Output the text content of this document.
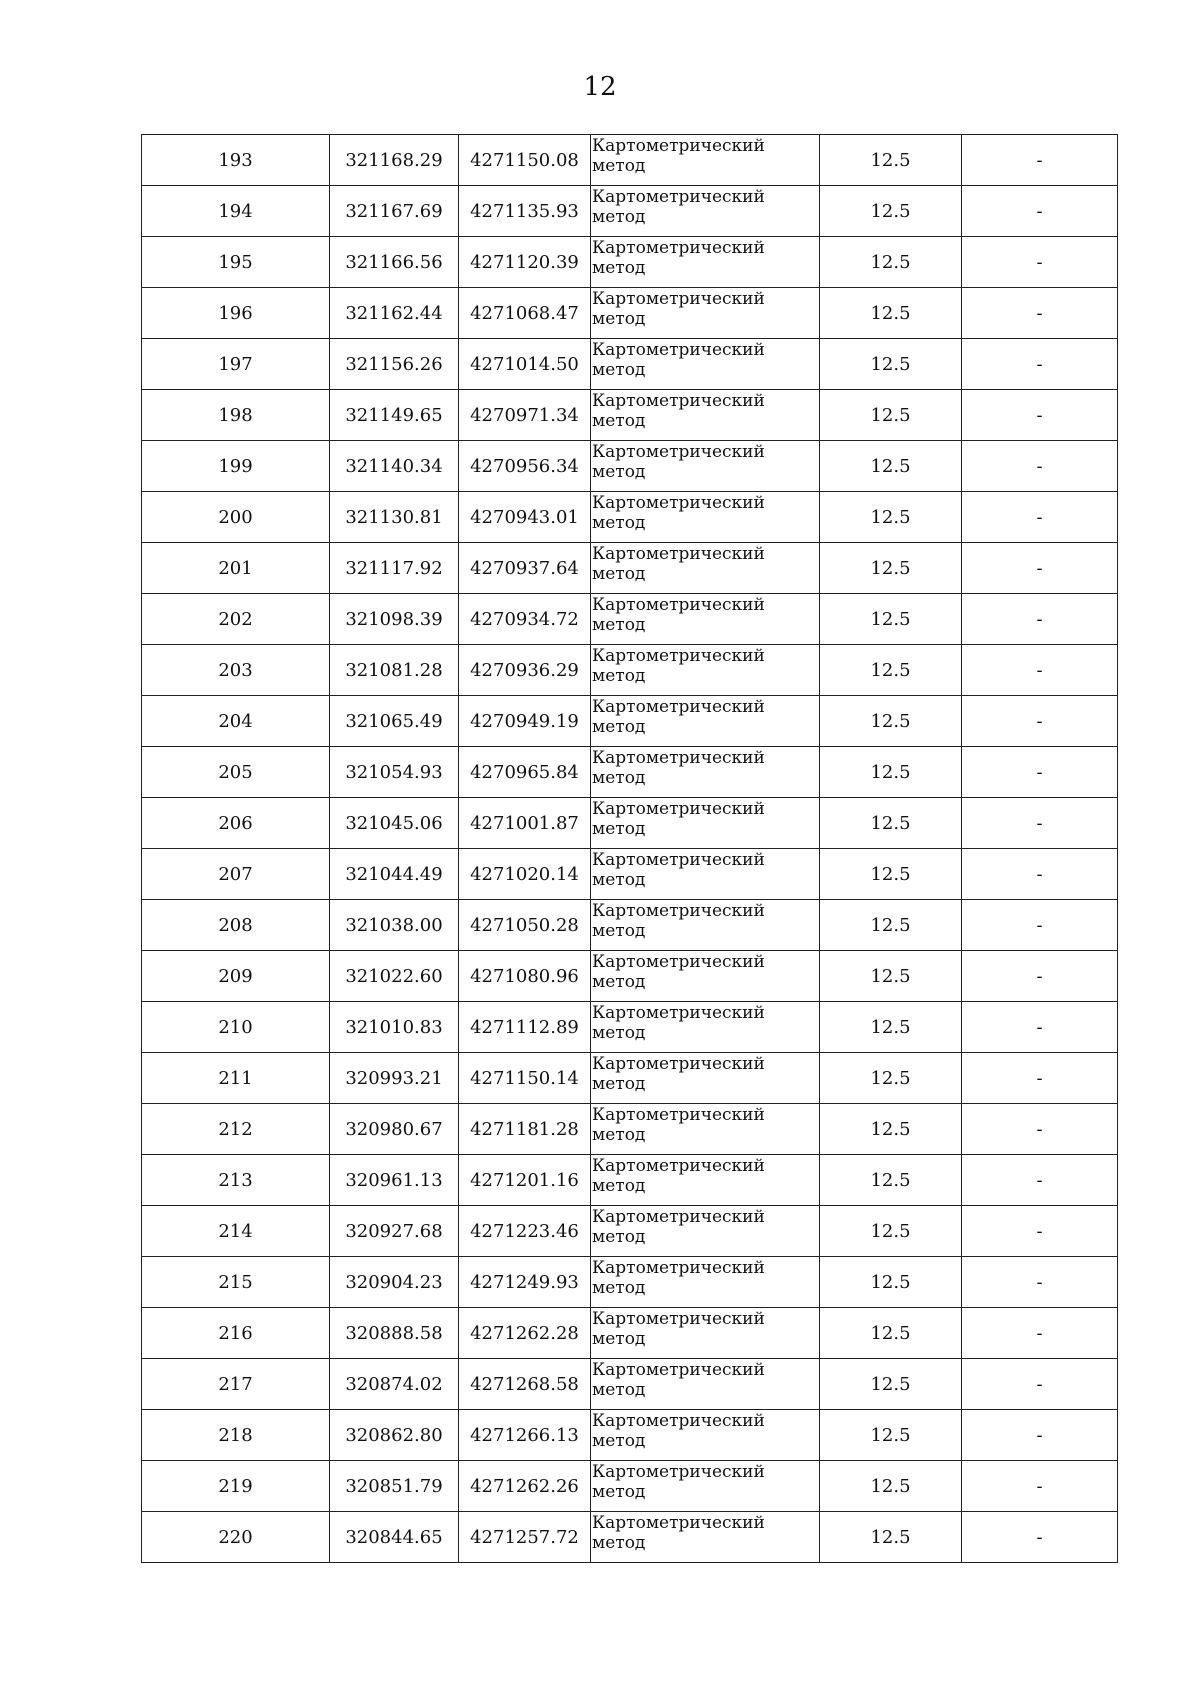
12
193	321168.29	4271150.08	Картометрический метод	12.5	-
194	321167.69	4271135.93	Картометрический метод	12.5	-
195	321166.56	4271120.39	Картометрический метод	12.5	-
196	321162.44	4271068.47	Картометрический метод	12.5	-
197	321156.26	4271014.50	Картометрический метод	12.5	-
198	321149.65	4270971.34	Картометрический метод	12.5	-
199	321140.34	4270956.34	Картометрический метод	12.5	-
200	321130.81	4270943.01	Картометрический метод	12.5	-
201	321117.92	4270937.64	Картометрический метод	12.5	-
202	321098.39	4270934.72	Картометрический метод	12.5	-
203	321081.28	4270936.29	Картометрический метод	12.5	-
204	321065.49	4270949.19	Картометрический метод	12.5	-
205	321054.93	4270965.84	Картометрический метод	12.5	-
206	321045.06	4271001.87	Картометрический метод	12.5	-
207	321044.49	4271020.14	Картометрический метод	12.5	-
208	321038.00	4271050.28	Картометрический метод	12.5	-
209	321022.60	4271080.96	Картометрический метод	12.5	-
210	321010.83	4271112.89	Картометрический метод	12.5	-
211	320993.21	4271150.14	Картометрический метод	12.5	-
212	320980.67	4271181.28	Картометрический метод	12.5	-
213	320961.13	4271201.16	Картометрический метод	12.5	-
214	320927.68	4271223.46	Картометрический метод	12.5	-
215	320904.23	4271249.93	Картометрический метод	12.5	-
216	320888.58	4271262.28	Картометрический метод	12.5	-
217	320874.02	4271268.58	Картометрический метод	12.5	-
218	320862.80	4271266.13	Картометрический метод	12.5	-
219	320851.79	4271262.26	Картометрический метод	12.5	-
220	320844.65	4271257.72	Картометрический метод	12.5	-
